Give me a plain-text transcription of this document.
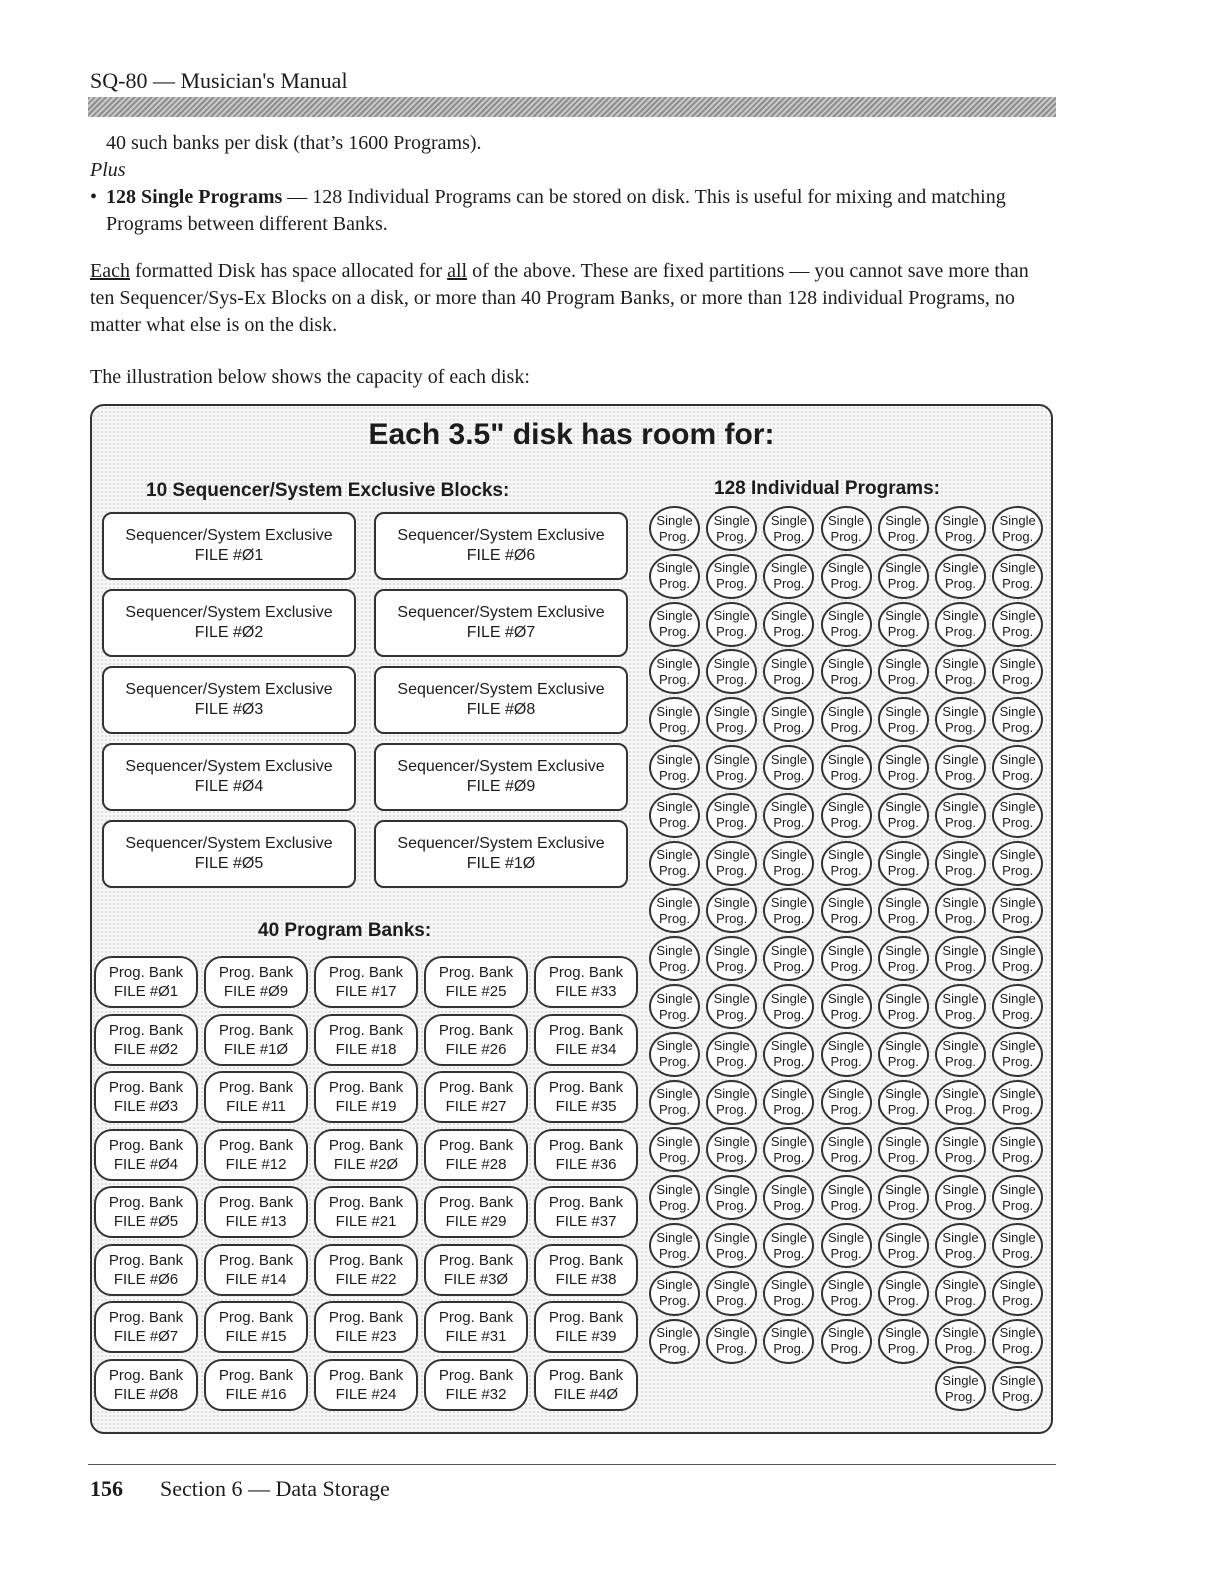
SQ-80 — Musician's Manual

40 such banks per disk (that’s 1600 Programs).

Plus

• 128 Single Programs — 128 Individual Programs can be stored on disk. This is useful for mixing and matching Programs between different Banks.

Each formatted Disk has space allocated for all of the above. These are fixed partitions — you cannot save more than ten Sequencer/Sys-Ex Blocks on a disk, or more than 40 Program Banks, or more than 128 individual Programs, no matter what else is on the disk.

The illustration below shows the capacity of each disk:

Each 3.5" disk has room for:
10 Sequencer/System Exclusive Blocks:	128 Individual Programs:
40 Program Banks:
Sequencer/System Exclusive
FILE #Ø1
Sequencer/System Exclusive
FILE #Ø2
Sequencer/System Exclusive
FILE #Ø3
Sequencer/System Exclusive
FILE #Ø4
Sequencer/System Exclusive
FILE #Ø5
Sequencer/System Exclusive
FILE #Ø6
Sequencer/System Exclusive
FILE #Ø7
Sequencer/System Exclusive
FILE #Ø8
Sequencer/System Exclusive
FILE #Ø9
Sequencer/System Exclusive
FILE #1Ø
Prog. Bank
FILE #Ø1
Prog. Bank
FILE #Ø2
Prog. Bank
FILE #Ø3
Prog. Bank
FILE #Ø4
Prog. Bank
FILE #Ø5
Prog. Bank
FILE #Ø6
Prog. Bank
FILE #Ø7
Prog. Bank
FILE #Ø8
Prog. Bank
FILE #Ø9
Prog. Bank
FILE #1Ø
Prog. Bank
FILE #11
Prog. Bank
FILE #12
Prog. Bank
FILE #13
Prog. Bank
FILE #14
Prog. Bank
FILE #15
Prog. Bank
FILE #16
Prog. Bank
FILE #17
Prog. Bank
FILE #18
Prog. Bank
FILE #19
Prog. Bank
FILE #2Ø
Prog. Bank
FILE #21
Prog. Bank
FILE #22
Prog. Bank
FILE #23
Prog. Bank
FILE #24
Prog. Bank
FILE #25
Prog. Bank
FILE #26
Prog. Bank
FILE #27
Prog. Bank
FILE #28
Prog. Bank
FILE #29
Prog. Bank
FILE #3Ø
Prog. Bank
FILE #31
Prog. Bank
FILE #32
Prog. Bank
FILE #33
Prog. Bank
FILE #34
Prog. Bank
FILE #35
Prog. Bank
FILE #36
Prog. Bank
FILE #37
Prog. Bank
FILE #38
Prog. Bank
FILE #39
Prog. Bank
FILE #4Ø
Single
Prog.
Single
Prog.
Single
Prog.
Single
Prog.
Single
Prog.
Single
Prog.
Single
Prog.
Single
Prog.
Single
Prog.
Single
Prog.
Single
Prog.
Single
Prog.
Single
Prog.
Single
Prog.
Single
Prog.
Single
Prog.
Single
Prog.
Single
Prog.
Single
Prog.
Single
Prog.
Single
Prog.
Single
Prog.
Single
Prog.
Single
Prog.
Single
Prog.
Single
Prog.
Single
Prog.
Single
Prog.
Single
Prog.
Single
Prog.
Single
Prog.
Single
Prog.
Single
Prog.
Single
Prog.
Single
Prog.
Single
Prog.
Single
Prog.
Single
Prog.
Single
Prog.
Single
Prog.
Single
Prog.
Single
Prog.
Single
Prog.
Single
Prog.
Single
Prog.
Single
Prog.
Single
Prog.
Single
Prog.
Single
Prog.
Single
Prog.
Single
Prog.
Single
Prog.
Single
Prog.
Single
Prog.
Single
Prog.
Single
Prog.
Single
Prog.
Single
Prog.
Single
Prog.
Single
Prog.
Single
Prog.
Single
Prog.
Single
Prog.
Single
Prog.
Single
Prog.
Single
Prog.
Single
Prog.
Single
Prog.
Single
Prog.
Single
Prog.
Single
Prog.
Single
Prog.
Single
Prog.
Single
Prog.
Single
Prog.
Single
Prog.
Single
Prog.
Single
Prog.
Single
Prog.
Single
Prog.
Single
Prog.
Single
Prog.
Single
Prog.
Single
Prog.
Single
Prog.
Single
Prog.
Single
Prog.
Single
Prog.
Single
Prog.
Single
Prog.
Single
Prog.
Single
Prog.
Single
Prog.
Single
Prog.
Single
Prog.
Single
Prog.
Single
Prog.
Single
Prog.
Single
Prog.
Single
Prog.
Single
Prog.
Single
Prog.
Single
Prog.
Single
Prog.
Single
Prog.
Single
Prog.
Single
Prog.
Single
Prog.
Single
Prog.
Single
Prog.
Single
Prog.
Single
Prog.
Single
Prog.
Single
Prog.
Single
Prog.
Single
Prog.
Single
Prog.
Single
Prog.
Single
Prog.
Single
Prog.
Single
Prog.
Single
Prog.
Single
Prog.
Single
Prog.
Single
Prog.
Single
Prog.
Single
Prog.
Single
Prog.
156 Section 6 — Data Storage
